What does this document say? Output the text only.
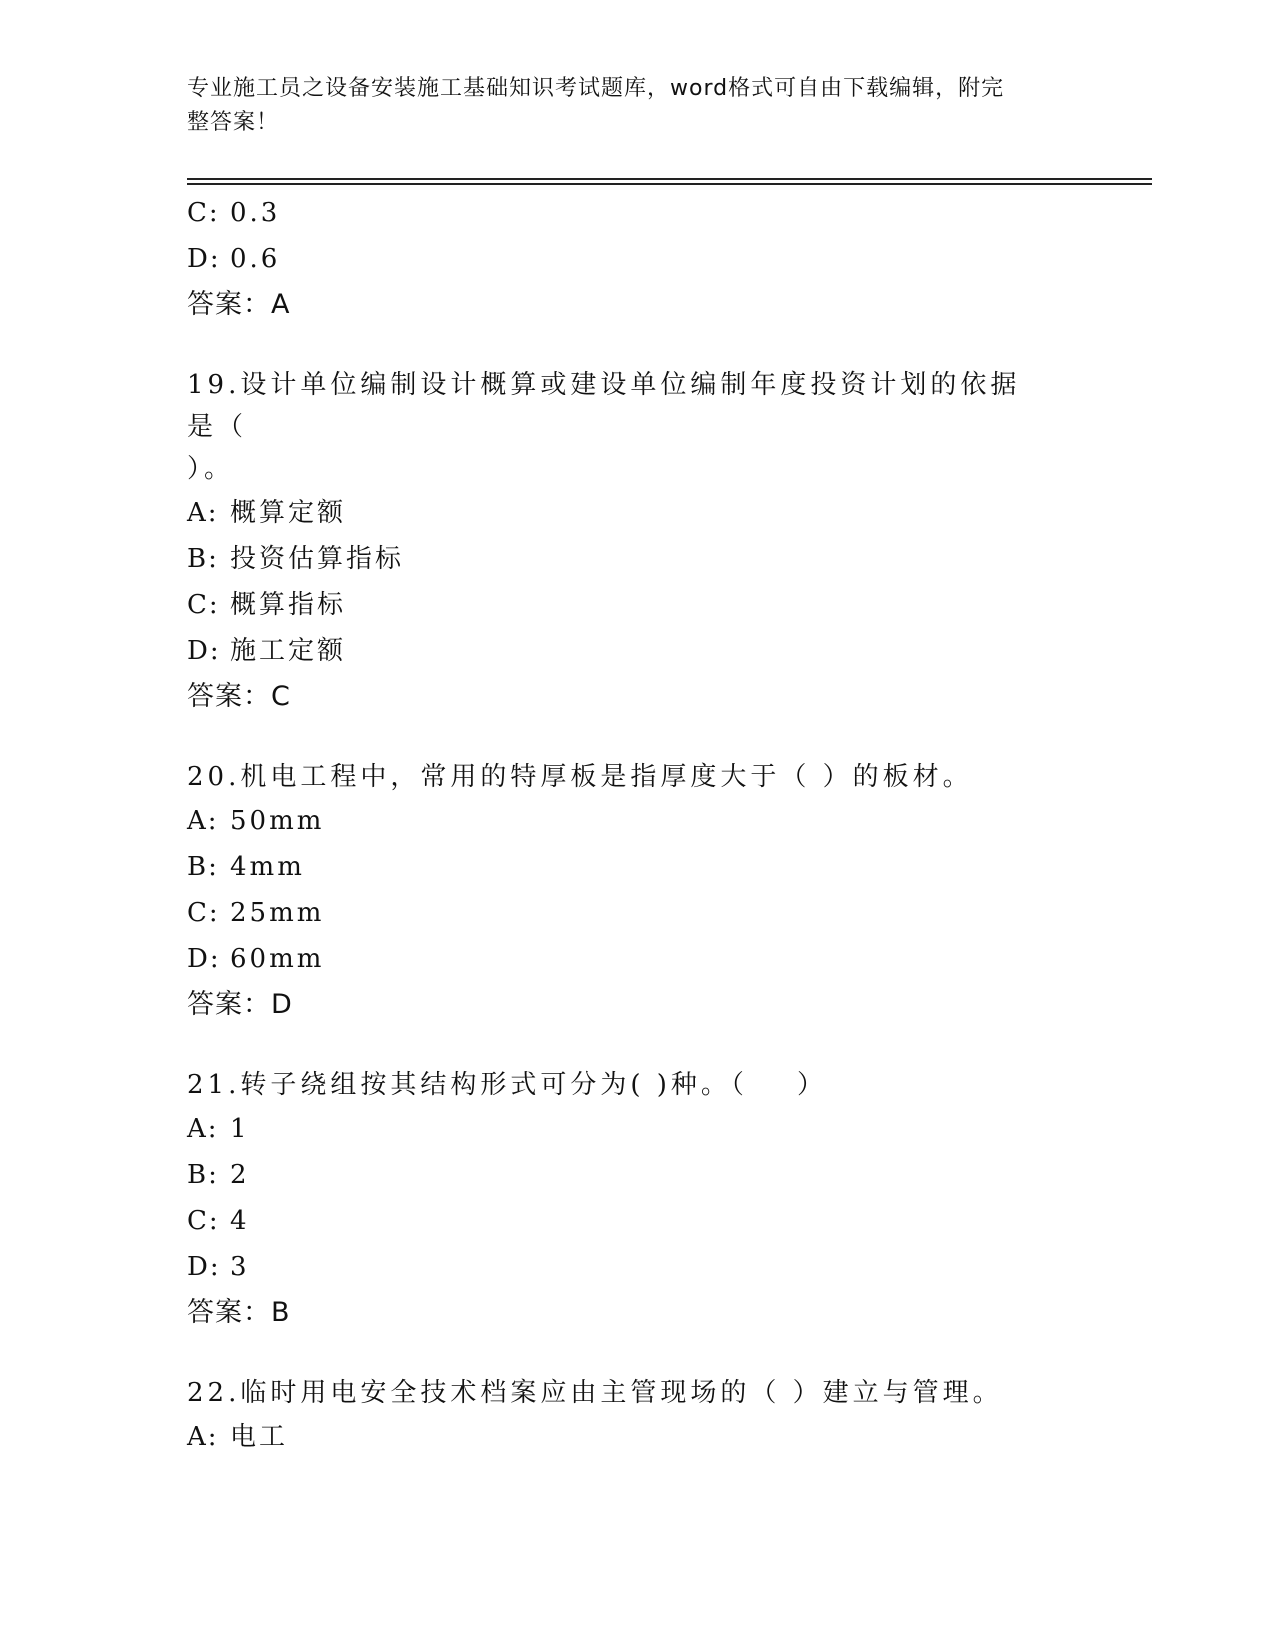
专业施工员之设备安装施工基础知识考试题库，word格式可自由下载编辑，附完
整答案！
C: 0.3
D: 0.6
答案：A

19.设计单位编制设计概算或建设单位编制年度投资计划的依据是（
）。

A: 概算定额
B: 投资估算指标
C: 概算指标
D: 施工定额
答案：C

20.机电工程中，常用的特厚板是指厚度大于（ ）的板材。

A: 50mm
B: 4mm
C: 25mm
D: 60mm
答案：D

21.转子绕组按其结构形式可分为( )种。（    ）

A: 1
B: 2
C: 4
D: 3
答案：B

22.临时用电安全技术档案应由主管现场的（ ）建立与管理。

A: 电工
